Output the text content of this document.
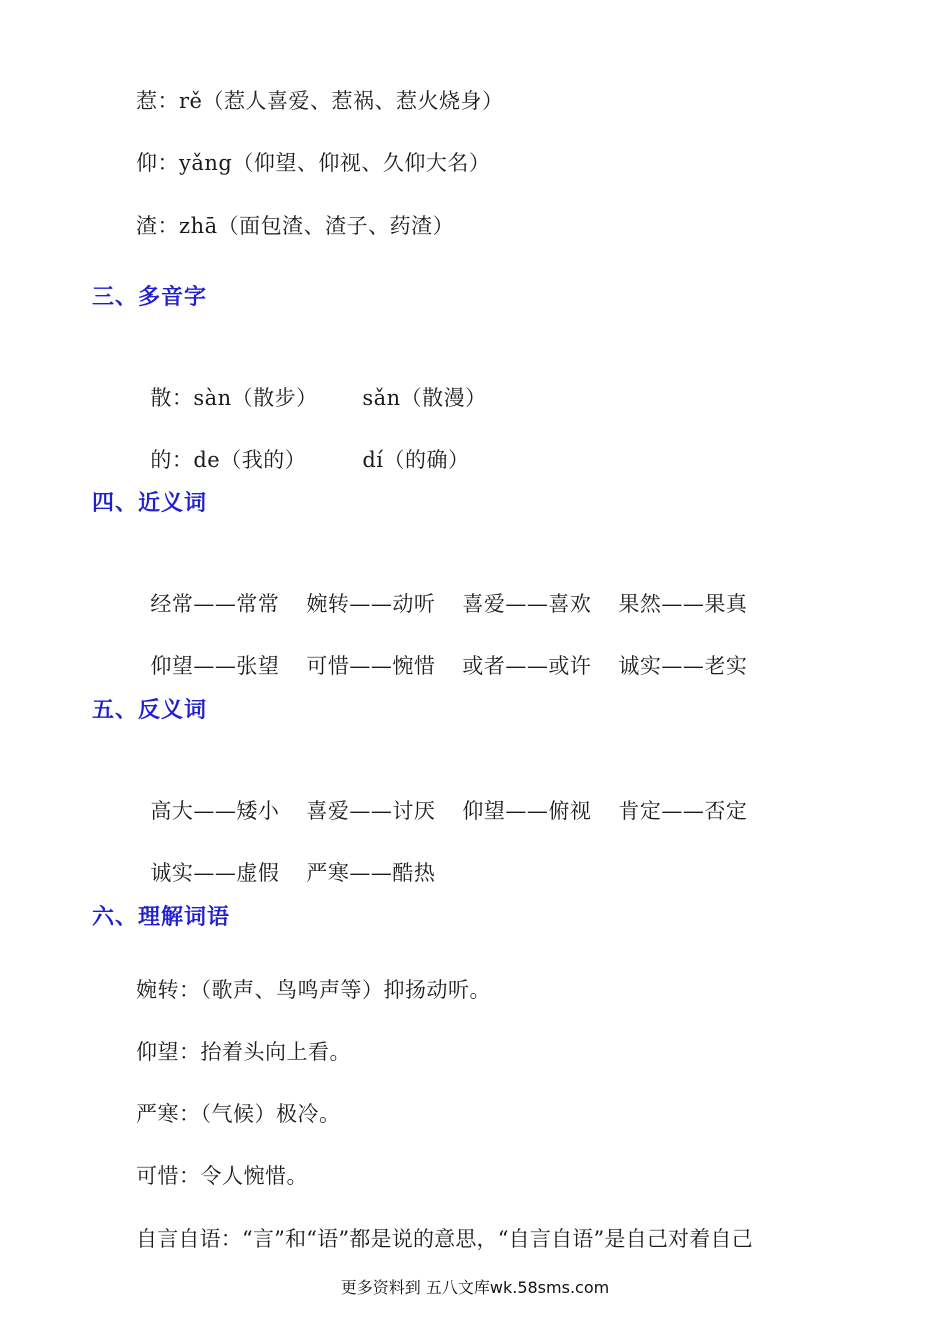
惹：rě（惹人喜爱、惹祸、惹火烧身）
仰：yǎng（仰望、仰视、久仰大名）
渣：zhā（面包渣、渣子、药渣）
三、多音字

散：sàn（散步） sǎn（散漫）

的：de（我的）	dí（的确）

四、近义词

经常——常常 婉转——动听 喜爱——喜欢 果然——果真

仰望——张望 可惜——惋惜 或者——或许 诚实——老实

五、反义词

高大——矮小 喜爱——讨厌 仰望——俯视 肯定——否定

诚实——虚假 严寒——酷热

六、理解词语
婉转：（歌声、鸟鸣声等）抑扬动听。
仰望：抬着头向上看。
严寒：（气候）极冷。
可惜：令人惋惜。
自言自语：“言”和“语”都是说的意思，“自言自语”是自己对着自己
更多资料到 五八文库wk.58sms.com
